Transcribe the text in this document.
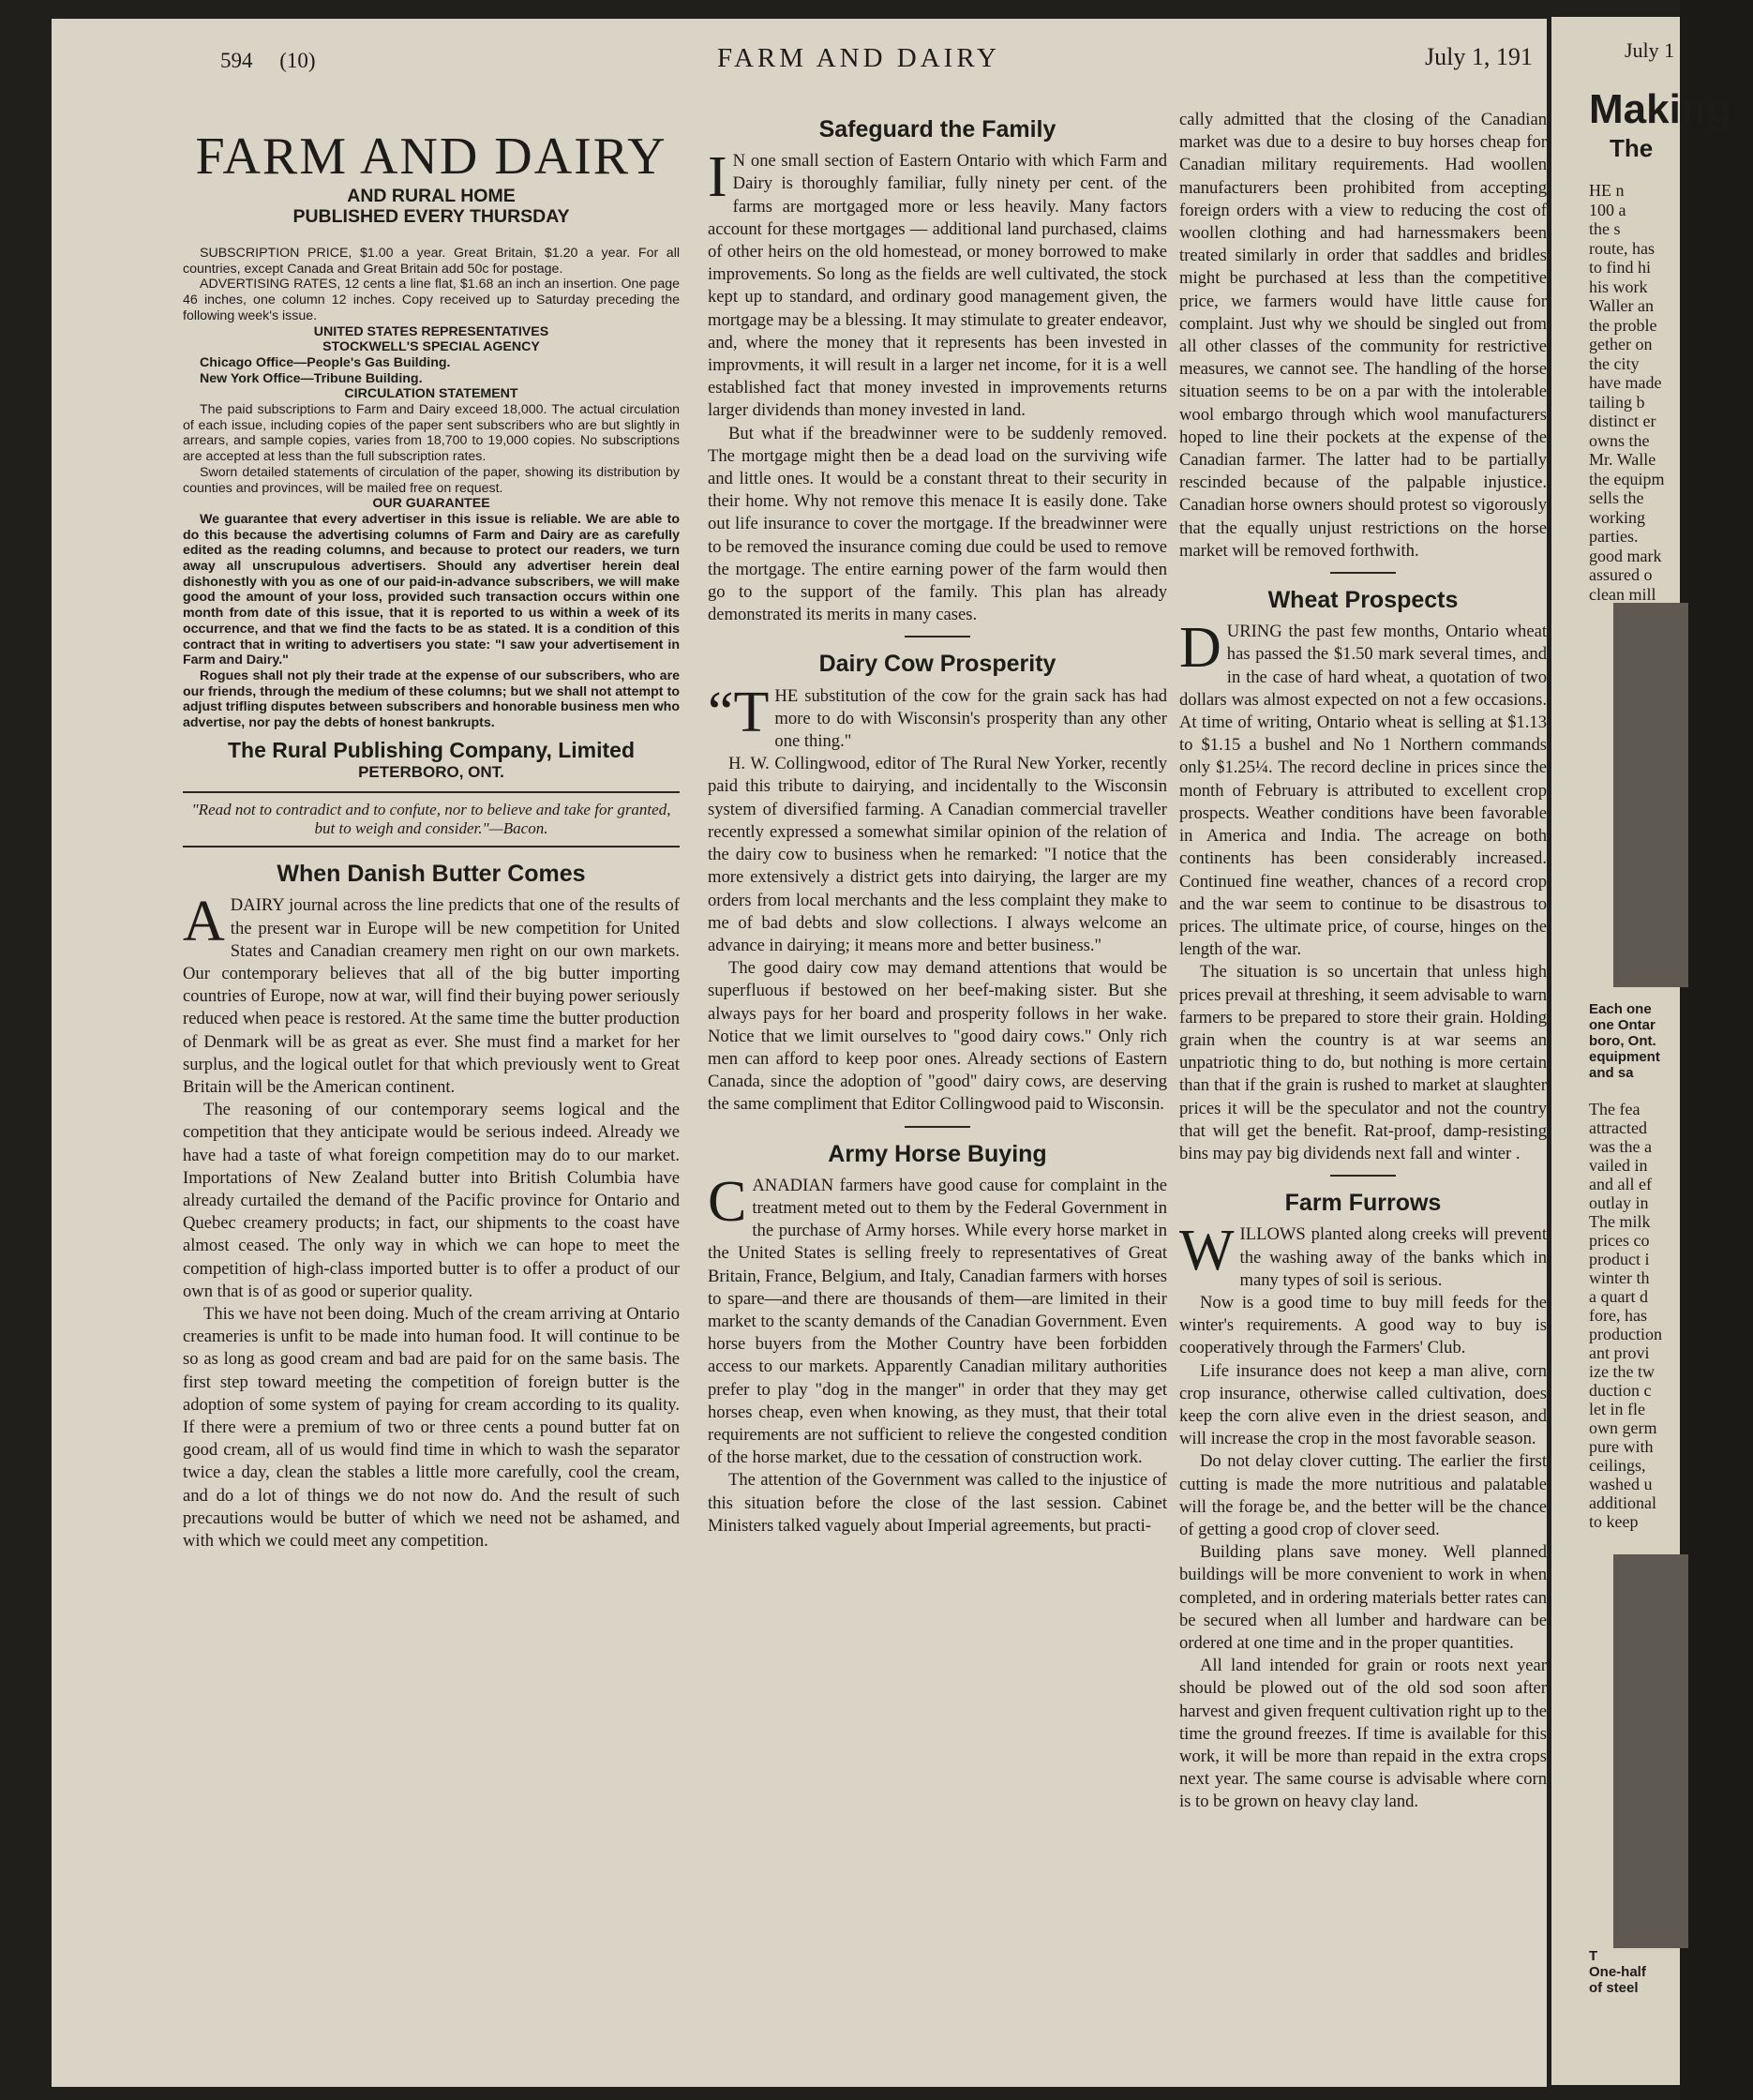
594 (10)	FARM AND DAIRY	July 1, 191
FARM AND DAIRY
AND RURAL HOME
PUBLISHED EVERY THURSDAY

SUBSCRIPTION PRICE, $1.00 a year. Great Britain, $1.20 a year. For all countries, except Canada and Great Britain add 50c for postage.

ADVERTISING RATES, 12 cents a line flat, $1.68 an inch an insertion. One page 46 inches, one column 12 inches. Copy received up to Saturday preceding the following week's issue.

UNITED STATES REPRESENTATIVES

STOCKWELL'S SPECIAL AGENCY

Chicago Office—People's Gas Building.

New York Office—Tribune Building.

CIRCULATION STATEMENT

The paid subscriptions to Farm and Dairy exceed 18,000. The actual circulation of each issue, including copies of the paper sent subscribers who are but slightly in arrears, and sample copies, varies from 18,700 to 19,000 copies. No subscriptions are accepted at less than the full subscription rates.

Sworn detailed statements of circulation of the paper, showing its distribution by counties and provinces, will be mailed free on request.

OUR GUARANTEE

We guarantee that every advertiser in this issue is reliable. We are able to do this because the advertising columns of Farm and Dairy are as carefully edited as the reading columns, and because to protect our readers, we turn away all unscrupulous advertisers. Should any advertiser herein deal dishonestly with you as one of our paid-in-advance subscribers, we will make good the amount of your loss, provided such transaction occurs within one month from date of this issue, that it is reported to us within a week of its occurrence, and that we find the facts to be as stated. It is a condition of this contract that in writing to advertisers you state: "I saw your advertisement in Farm and Dairy."

Rogues shall not ply their trade at the expense of our subscribers, who are our friends, through the medium of these columns; but we shall not attempt to adjust trifling disputes between subscribers and honorable business men who advertise, nor pay the debts of honest bankrupts.

The Rural Publishing Company, Limited
PETERBORO, ONT.
"Read not to contradict and to confute, nor to believe and take for granted, but to weigh and consider."—Bacon.
When Danish Butter Comes

ADAIRY journal across the line predicts that one of the results of the present war in Europe will be new competition for United States and Canadian creamery men right on our own markets. Our contemporary believes that all of the big butter importing countries of Europe, now at war, will find their buying power seriously reduced when peace is restored. At the same time the butter production of Denmark will be as great as ever. She must find a market for her surplus, and the logical outlet for that which previously went to Great Britain will be the American continent.

The reasoning of our contemporary seems logical and the competition that they anticipate would be serious indeed. Already we have had a taste of what foreign competition may do to our market. Importations of New Zealand butter into British Columbia have already curtailed the demand of the Pacific province for Ontario and Quebec creamery products; in fact, our shipments to the coast have almost ceased. The only way in which we can hope to meet the competition of high-class imported butter is to offer a product of our own that is of as good or superior quality.

This we have not been doing. Much of the cream arriving at Ontario creameries is unfit to be made into human food. It will continue to be so as long as good cream and bad are paid for on the same basis. The first step toward meeting the competition of foreign butter is the adoption of some system of paying for cream according to its quality. If there were a premium of two or three cents a pound butter fat on good cream, all of us would find time in which to wash the separator twice a day, clean the stables a little more carefully, cool the cream, and do a lot of things we do not now do. And the result of such precautions would be butter of which we need not be ashamed, and with which we could meet any competition.

Safeguard the Family

I N one small section of Eastern Ontario with which Farm and Dairy is thoroughly familiar, fully ninety per cent. of the farms are mortgaged more or less heavily. Many factors account for these mortgages — additional land purchased, claims of other heirs on the old homestead, or money borrowed to make improvements. So long as the fields are well cultivated, the stock kept up to standard, and ordinary good management given, the mortgage may be a blessing. It may stimulate to greater endeavor, and, where the money that it represents has been invested in improvments, it will result in a larger net income, for it is a well established fact that money invested in improvements returns larger dividends than money invested in land.

But what if the breadwinner were to be suddenly removed. The mortgage might then be a dead load on the surviving wife and little ones. It would be a constant threat to their security in their home. Why not remove this menace It is easily done. Take out life insurance to cover the mortgage. If the breadwinner were to be removed the insurance coming due could be used to remove the mortgage. The entire earning power of the farm would then go to the support of the family. This plan has already demonstrated its merits in many cases.

Dairy Cow Prosperity

“THE substitution of the cow for the grain sack has had more to do with Wisconsin's prosperity than any other one thing."

H. W. Collingwood, editor of The Rural New Yorker, recently paid this tribute to dairying, and incidentally to the Wisconsin system of diversified farming. A Canadian commercial traveller recently expressed a somewhat similar opinion of the relation of the dairy cow to business when he remarked: "I notice that the more extensively a district gets into dairying, the larger are my orders from local merchants and the less complaint they make to me of bad debts and slow collections. I always welcome an advance in dairying; it means more and better business."

The good dairy cow may demand attentions that would be superfluous if bestowed on her beef-making sister. But she always pays for her board and prosperity follows in her wake. Notice that we limit ourselves to "good dairy cows." Only rich men can afford to keep poor ones. Already sections of Eastern Canada, since the adoption of "good" dairy cows, are deserving the same compliment that Editor Collingwood paid to Wisconsin.

Army Horse Buying

CANADIAN farmers have good cause for complaint in the treatment meted out to them by the Federal Government in the purchase of Army horses. While every horse market in the United States is selling freely to representatives of Great Britain, France, Belgium, and Italy, Canadian farmers with horses to spare—and there are thousands of them—are limited in their market to the scanty demands of the Canadian Government. Even horse buyers from the Mother Country have been forbidden access to our markets. Apparently Canadian military authorities prefer to play "dog in the manger" in order that they may get horses cheap, even when knowing, as they must, that their total requirements are not sufficient to relieve the congested condition of the horse market, due to the cessation of construction work.

The attention of the Government was called to the injustice of this situation before the close of the last session. Cabinet Ministers talked vaguely about Imperial agreements, but practi-

cally admitted that the closing of the Canadian market was due to a desire to buy horses cheap for Canadian military requirements. Had woollen manufacturers been prohibited from accepting foreign orders with a view to reducing the cost of woollen clothing and had harnessmakers been treated similarly in order that saddles and bridles might be purchased at less than the competitive price, we farmers would have little cause for complaint. Just why we should be singled out from all other classes of the community for restrictive measures, we cannot see. The handling of the horse situation seems to be on a par with the intolerable wool embargo through which wool manufacturers hoped to line their pockets at the expense of the Canadian farmer. The latter had to be partially rescinded because of the palpable injustice. Canadian horse owners should protest so vigorously that the equally unjust restrictions on the horse market will be removed forthwith.

Wheat Prospects

DURING the past few months, Ontario wheat has passed the $1.50 mark several times, and in the case of hard wheat, a quotation of two dollars was almost expected on not a few occasions. At time of writing, Ontario wheat is selling at $1.13 to $1.15 a bushel and No 1 Northern commands only $1.25¼. The record decline in prices since the month of February is attributed to excellent crop prospects. Weather conditions have been favorable in America and India. The acreage on both continents has been considerably increased. Continued fine weather, chances of a record crop and the war seem to continue to be disastrous to prices. The ultimate price, of course, hinges on the length of the war.

The situation is so uncertain that unless high prices prevail at threshing, it seem advisable to warn farmers to be prepared to store their grain. Holding grain when the country is at war seems an unpatriotic thing to do, but nothing is more certain than that if the grain is rushed to market at slaughter prices it will be the speculator and not the country that will get the benefit. Rat-proof, damp-resisting bins may pay big dividends next fall and winter .

Farm Furrows

WILLOWS planted along creeks will prevent the washing away of the banks which in many types of soil is serious.

Now is a good time to buy mill feeds for the winter's requirements. A good way to buy is cooperatively through the Farmers' Club.

Life insurance does not keep a man alive, corn crop insurance, otherwise called cultivation, does keep the corn alive even in the driest season, and will increase the crop in the most favorable season.

Do not delay clover cutting. The earlier the first cutting is made the more nutritious and palatable will the forage be, and the better will be the chance of getting a good crop of clover seed.

Building plans save money. Well planned buildings will be more convenient to work in when completed, and in ordering materials better rates can be secured when all lumber and hardware can be ordered at one time and in the proper quantities.

All land intended for grain or roots next year should be plowed out of the old sod soon after harvest and given frequent cultivation right up to the time the ground freezes. If time is available for this work, it will be more than repaid in the extra crops next year. The same course is advisable where corn is to be grown on heavy clay land.

July 1
Making
The
HE n
100 a
the s
route, has
to find hi
his work
Waller an
the proble
gether on
the city
have made
tailing b
distinct er
owns the
Mr. Walle
the equipm
sells the
working
parties.
good mark
assured o
clean mill
Each one
one Ontar
boro, Ont.
equipment
and sa
The fea
attracted
was the a
vailed in
and all ef
outlay in
The milk
prices co
product i
winter th
a quart d
fore, has
production
ant provi
ize the tw
duction c
let in fle
own germ
pure with
ceilings,
washed u
additional
to keep
T
One-half
of steel
